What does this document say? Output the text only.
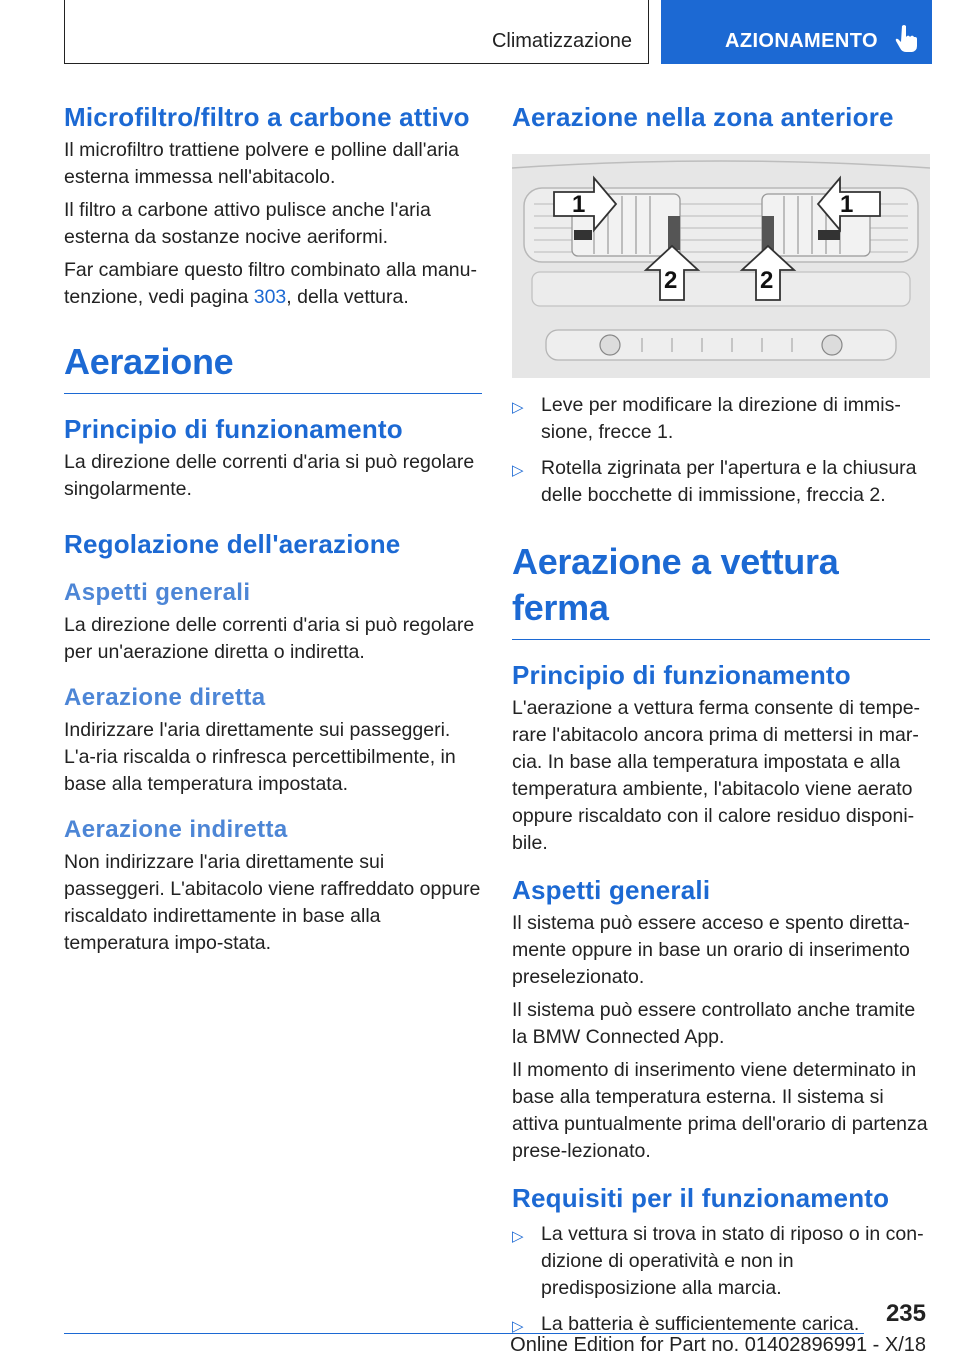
Climatizzazione	AZIONAMENTO
Microfiltro/filtro a carbone attivo

Il microfiltro trattiene polvere e polline dall'aria esterna immessa nell'abitacolo.

Il filtro a carbone attivo pulisce anche l'aria esterna da sostanze nocive aeriformi.

Far cambiare questo filtro combinato alla manu‐tenzione, vedi pagina 303, della vettura.

Aerazione
Principio di funzionamento

La direzione delle correnti d'aria si può regolare singolarmente.

Regolazione dell'aerazione
Aspetti generali

La direzione delle correnti d'aria si può regolare per un'aerazione diretta o indiretta.

Aerazione diretta

Indirizzare l'aria direttamente sui passeggeri. L'a‐ria riscalda o rinfresca percettibilmente, in base alla temperatura impostata.

Aerazione indiretta

Non indirizzare l'aria direttamente sui passeggeri. L'abitacolo viene raffreddato oppure riscaldato indirettamente in base alla temperatura impo‐stata.

Aerazione nella zona anteriore
1	1
2	2
▷ Leve per modificare la direzione di immis‐sione, frecce 1.
▷ Rotella zigrinata per l'apertura e la chiusura delle bocchette di immissione, freccia 2.
Aerazione a vettura ferma
Principio di funzionamento

L'aerazione a vettura ferma consente di tempe‐rare l'abitacolo ancora prima di mettersi in mar‐cia. In base alla temperatura impostata e alla temperatura ambiente, l'abitacolo viene aerato oppure riscaldato con il calore residuo disponi‐bile.

Aspetti generali

Il sistema può essere acceso e spento diretta‐mente oppure in base un orario di inserimento preselezionato.

Il sistema può essere controllato anche tramite la BMW Connected App.

Il momento di inserimento viene determinato in base alla temperatura esterna. Il sistema si attiva puntualmente prima dell'orario di partenza prese‐lezionato.

Requisiti per il funzionamento
▷ La vettura si trova in stato di riposo o in con‐dizione di operatività e non in predisposizione alla marcia.
▷ La batteria è sufficientemente carica.	235
Online Edition for Part no. 01402896991 - X/18
